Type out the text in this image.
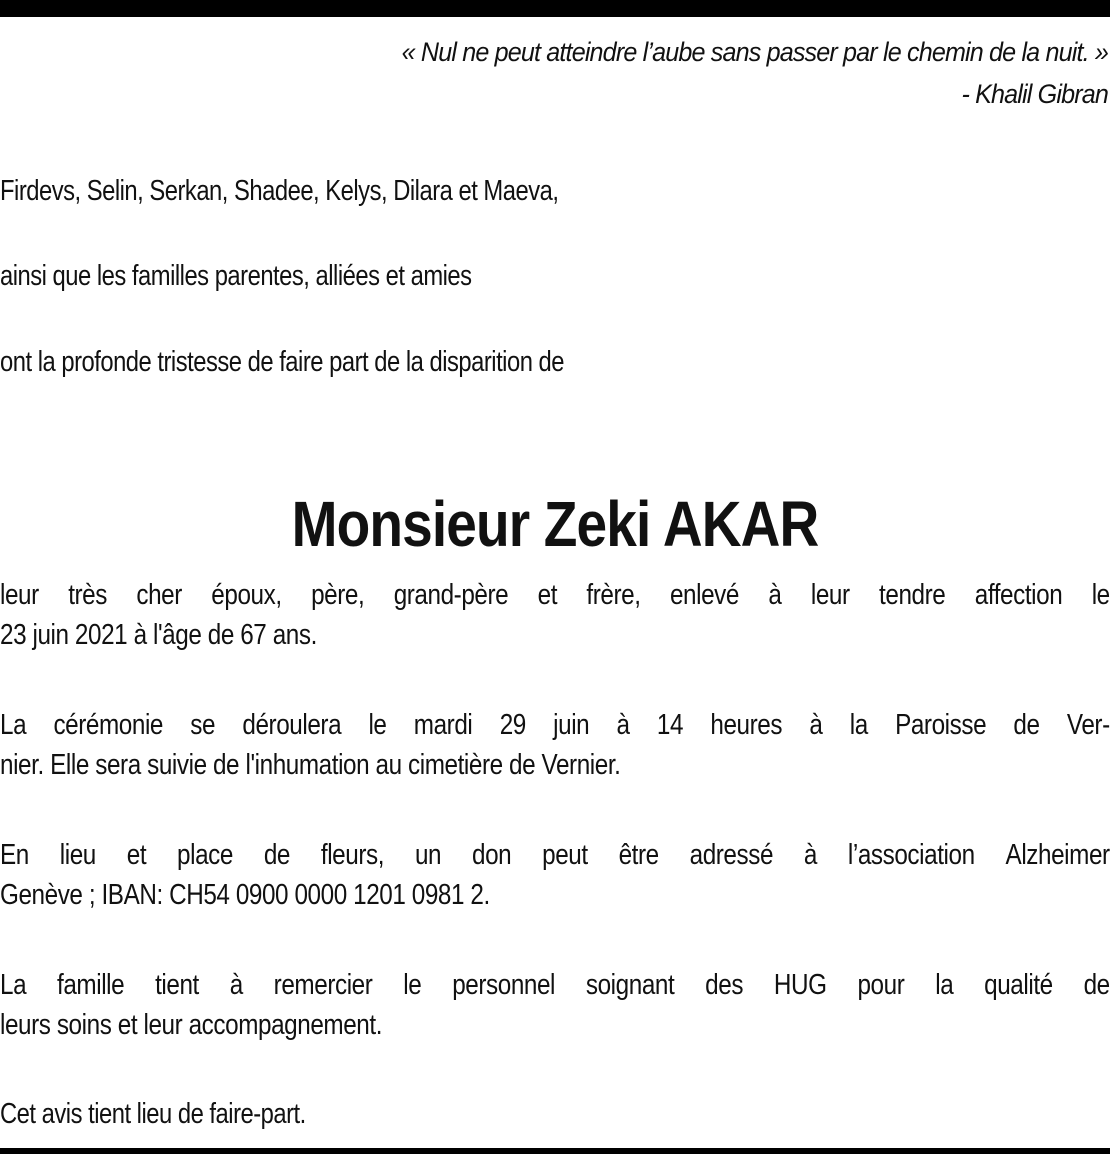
« Nul ne peut atteindre l’aube sans passer par le chemin de la nuit. »
- Khalil Gibran
Firdevs, Selin, Serkan, Shadee, Kelys, Dilara et Maeva,
ainsi que les familles parentes, alliées et amies
ont la profonde tristesse de faire part de la disparition de
Monsieur Zeki AKAR
leur très cher époux, père, grand-père et frère, enlevé à leur tendre affection le
23 juin 2021 à l'âge de 67 ans.
La cérémonie se déroulera le mardi 29 juin à 14 heures à la Paroisse de Ver-
nier. Elle sera suivie de l'inhumation au cimetière de Vernier.
En lieu et place de fleurs, un don peut être adressé à l’association Alzheimer
Genève ; IBAN: CH54 0900 0000 1201 0981 2.
La famille tient à remercier le personnel soignant des HUG pour la qualité de
leurs soins et leur accompagnement.
Cet avis tient lieu de faire-part.
